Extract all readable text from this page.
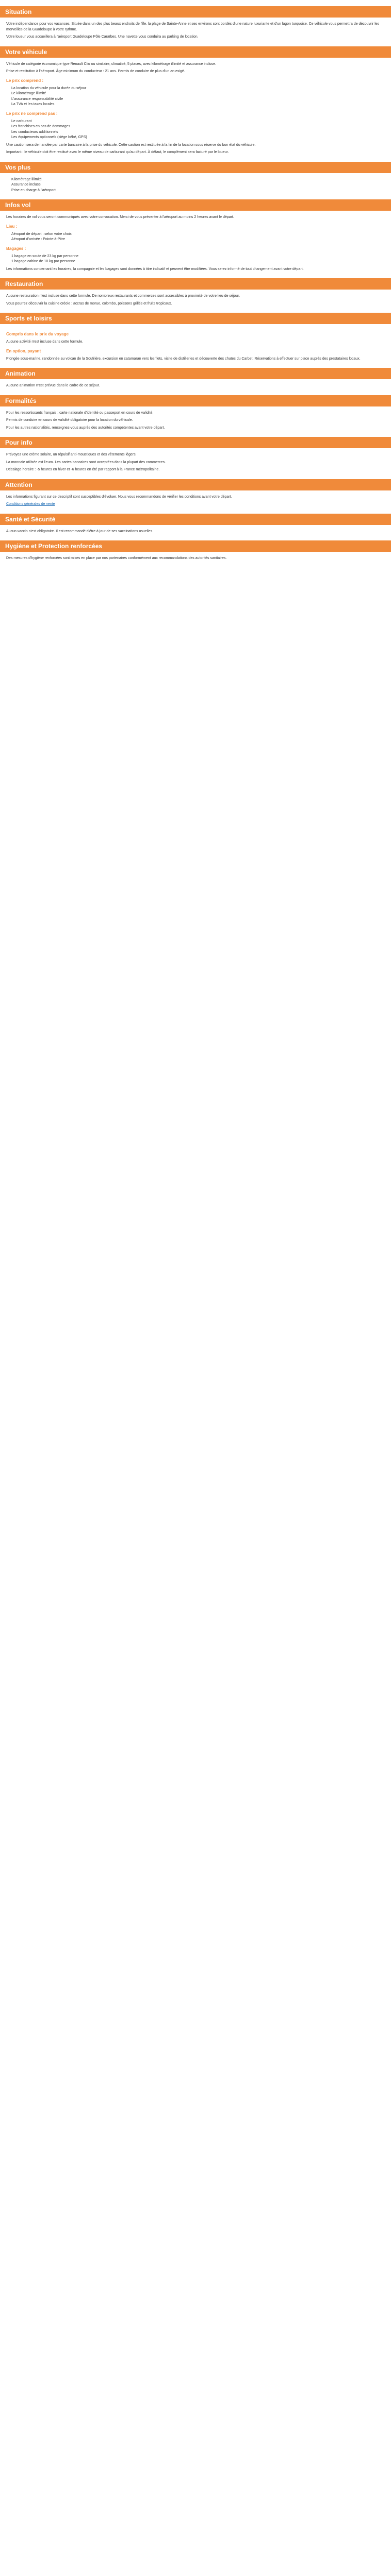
Situation
Votre indépendance pour vos vacances. Située dans un des plus beaux endroits de l'île, la plage de Sainte-Anne et ses environs sont bordés d'une nature luxuriante et d'un lagon turquoise. Ce véhicule vous permettra de découvrir les merveilles de la Guadeloupe à votre rythme.
Votre loueur vous accueillera à l'aéroport Guadeloupe Pôle Caraïbes. Une navette vous conduira au parking de location.
Votre véhicule
Véhicule de catégorie économique type Renault Clio ou similaire, climatisé, 5 places, avec kilométrage illimité et assurance incluse.
Prise et restitution à l'aéroport. Âge minimum du conducteur : 21 ans. Permis de conduire de plus d'un an exigé.
Le prix comprend :
La location du véhicule pour la durée du séjour
Le kilométrage illimité
L'assurance responsabilité civile
La TVA et les taxes locales
Le prix ne comprend pas :
Le carburant
Les franchises en cas de dommages
Les conducteurs additionnels
Les équipements optionnels (siège bébé, GPS)
Une caution sera demandée par carte bancaire à la prise du véhicule. Cette caution est restituée à la fin de la location sous réserve du bon état du véhicule.
Important : le véhicule doit être restitué avec le même niveau de carburant qu'au départ. À défaut, le complément sera facturé par le loueur.
Vos plus
Kilométrage illimité
Assurance incluse
Prise en charge à l'aéroport
Infos vol
Les horaires de vol vous seront communiqués avec votre convocation. Merci de vous présenter à l'aéroport au moins 2 heures avant le départ.
Lieu :
Aéroport de départ : selon votre choix
Aéroport d'arrivée : Pointe-à-Pitre
Bagages :
1 bagage en soute de 23 kg par personne
1 bagage cabine de 10 kg par personne
Les informations concernant les horaires, la compagnie et les bagages sont données à titre indicatif et peuvent être modifiées. Vous serez informé de tout changement avant votre départ.
Restauration
Aucune restauration n'est incluse dans cette formule. De nombreux restaurants et commerces sont accessibles à proximité de votre lieu de séjour.
Vous pourrez découvrir la cuisine créole : accras de morue, colombo, poissons grillés et fruits tropicaux.
Sports et loisirs
Compris dans le prix du voyage
Aucune activité n'est incluse dans cette formule.
En option, payant
Plongée sous-marine, randonnée au volcan de la Soufrière, excursion en catamaran vers les îlets, visite de distilleries et découverte des chutes du Carbet. Réservations à effectuer sur place auprès des prestataires locaux.
Animation
Aucune animation n'est prévue dans le cadre de ce séjour.
Formalités
Pour les ressortissants français : carte nationale d'identité ou passeport en cours de validité.
Permis de conduire en cours de validité obligatoire pour la location du véhicule.
Pour les autres nationalités, renseignez-vous auprès des autorités compétentes avant votre départ.
Pour info
Prévoyez une crème solaire, un répulsif anti-moustiques et des vêtements légers.
La monnaie utilisée est l'euro. Les cartes bancaires sont acceptées dans la plupart des commerces.
Décalage horaire : -5 heures en hiver et -6 heures en été par rapport à la France métropolitaine.
Attention
Les informations figurant sur ce descriptif sont susceptibles d'évoluer. Nous vous recommandons de vérifier les conditions avant votre départ.
Conditions générales de vente
Santé et Sécurité
Aucun vaccin n'est obligatoire. Il est recommandé d'être à jour de ses vaccinations usuelles.
Hygiène et Protection renforcées
Des mesures d'hygiène renforcées sont mises en place par nos partenaires conformément aux recommandations des autorités sanitaires.
